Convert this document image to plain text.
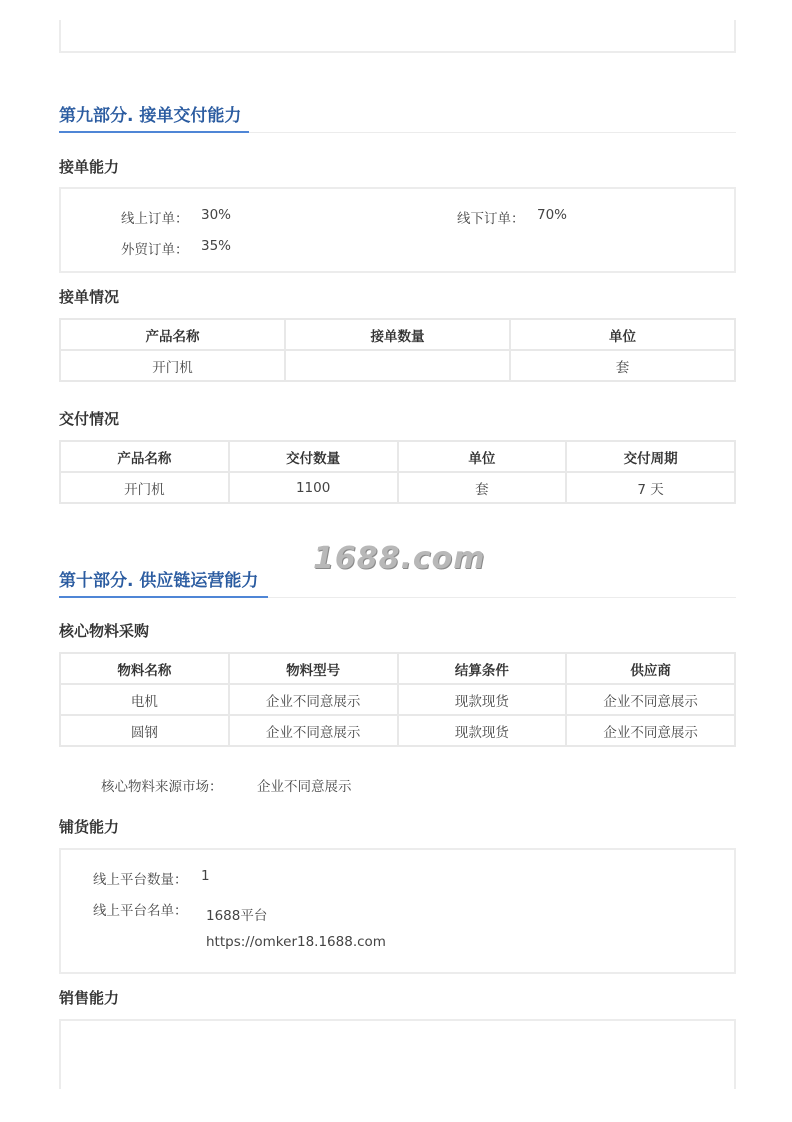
第九部分. 接单交付能力
接单能力
线上订单： 30%	线下订单： 70%
外贸订单： 35%
接单情况
产品名称	接单数量	单位
开门机		套
交付情况
产品名称	交付数量	单位	交付周期
开门机	1100	套	7 天
第十部分. 供应链运营能力
1688.com
核心物料采购
物料名称	物料型号	结算条件	供应商
电机	企业不同意展示	现款现货	企业不同意展示
圆钢	企业不同意展示	现款现货	企业不同意展示
核心物料来源市场：	企业不同意展示
铺货能力
线上平台数量： 1
线上平台名单： 1688平台
https://omker18.1688.com
销售能力
